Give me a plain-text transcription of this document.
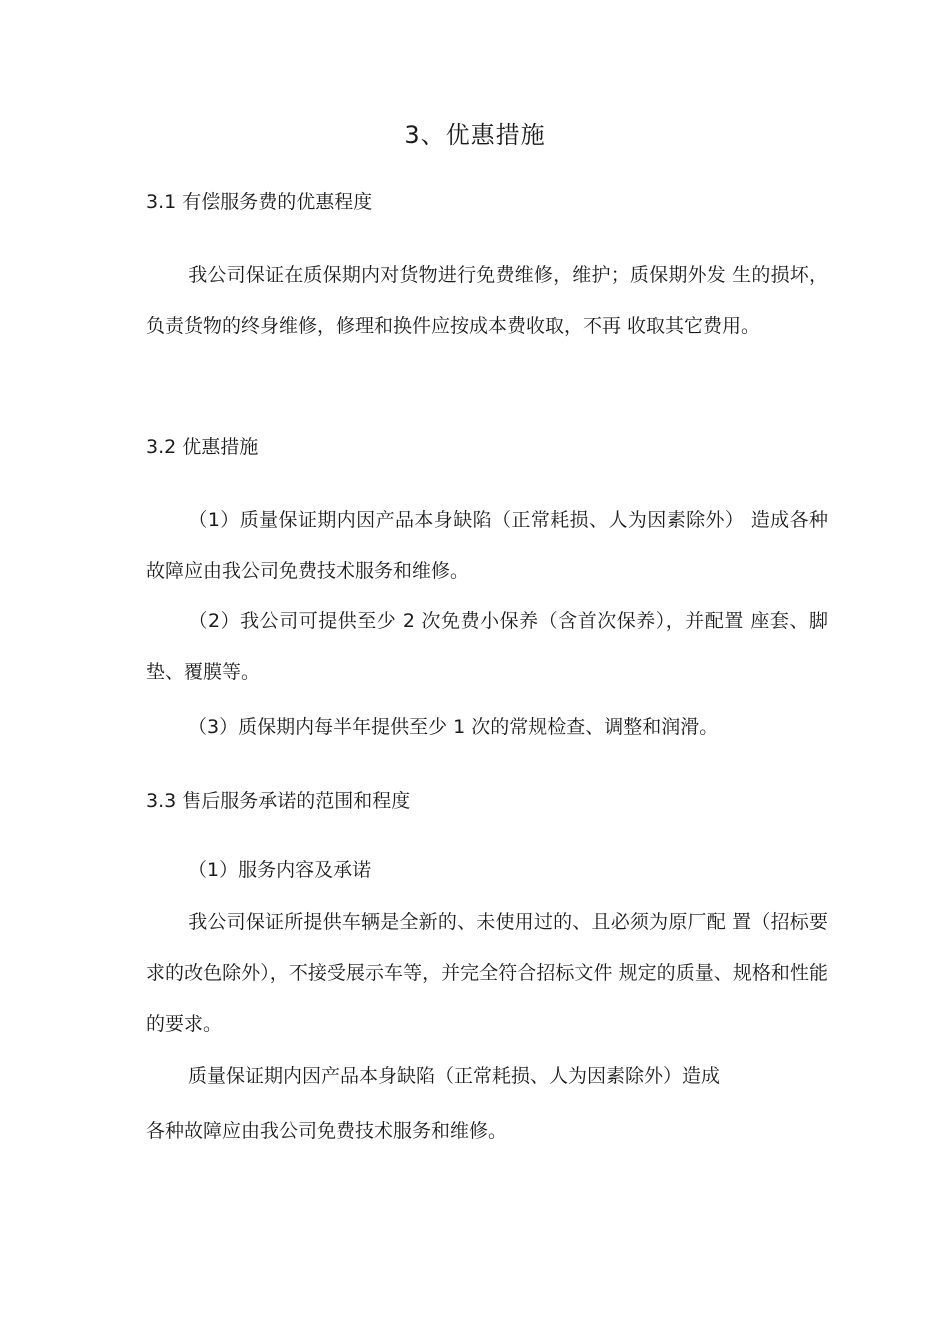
3、优惠措施
3.1 有偿服务费的优惠程度
我公司保证在质保期内对货物进行免费维修，维护；质保期外发 生的损坏，负责货物的终身维修，修理和换件应按成本费收取，不再 收取其它费用。
3.2 优惠措施
（1）质量保证期内因产品本身缺陷（正常耗损、人为因素除外） 造成各种故障应由我公司免费技术服务和维修。
（2）我公司可提供至少 2 次免费小保养（含首次保养），并配置 座套、脚垫、覆膜等。
（3）质保期内每半年提供至少 1 次的常规检查、调整和润滑。
3.3 售后服务承诺的范围和程度
（1）服务内容及承诺
我公司保证所提供车辆是全新的、未使用过的、且必须为原厂配 置（招标要求的改色除外），不接受展示车等，并完全符合招标文件 规定的质量、规格和性能的要求。
质量保证期内因产品本身缺陷（正常耗损、人为因素除外）造成
各种故障应由我公司免费技术服务和维修。
